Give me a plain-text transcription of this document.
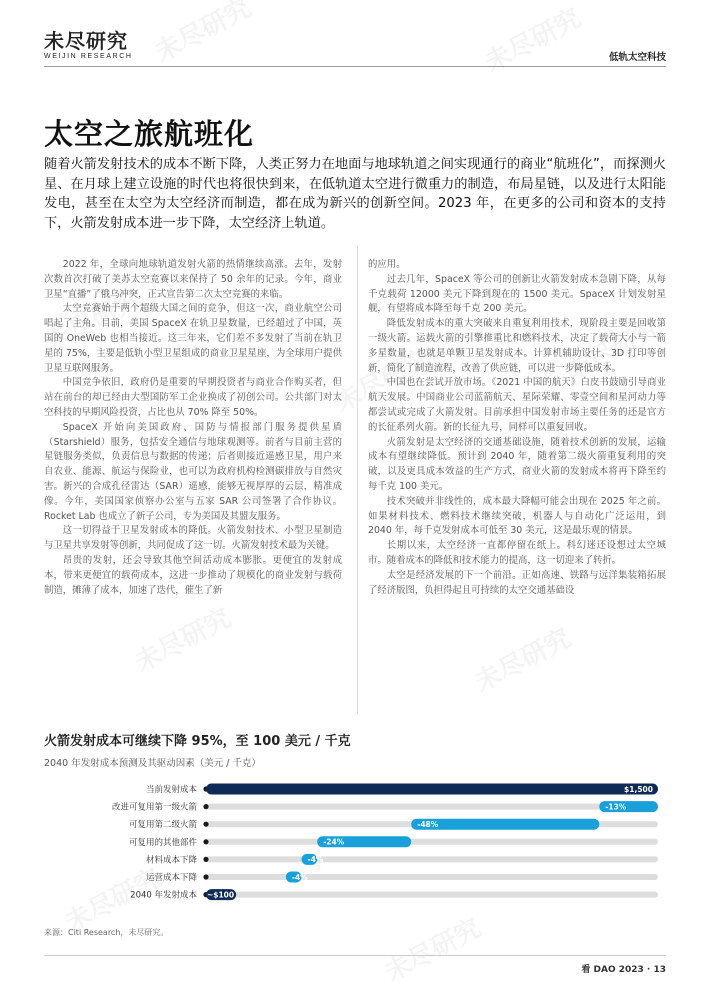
未尽研究
WEIJIN RESEARCH	低轨太空科技
太空之旅航班化

随着火箭发射技术的成本不断下降，人类正努力在地面与地球轨道之间实现通行的商业“航班化”，而探测火星、在月球上建立设施的时代也将很快到来，在低轨道太空进行微重力的制造，布局星链，以及进行太阳能发电，甚至在太空为太空经济而制造，都在成为新兴的创新空间。2023 年，在更多的公司和资本的支持下，火箭发射成本进一步下降，太空经济上轨道。

2022 年，全球向地球轨道发射火箭的热情继续高涨。去年，发射次数首次打破了美苏太空竞赛以来保持了 50 余年的记录。今年，商业卫星“直播”了俄乌冲突，正式宣告第二次太空竞赛的来临。

太空竞赛始于两个超级大国之间的竞争，但这一次，商业航空公司唱起了主角。目前，美国 SpaceX 在轨卫星数量，已经超过了中国，英国的 OneWeb 也相当接近。这三年来，它们差不多发射了当前在轨卫星的 75%，主要是低轨小型卫星组成的商业卫星星座，为全球用户提供卫星互联网服务。

中国竞争依旧，政府仍是重要的早期投资者与商业合作购买者，但站在前台的却已经由大型国防军工企业换成了初创公司。公共部门对太空科技的早期风险投资，占比也从 70% 降至 50%。

SpaceX 开始向美国政府、国防与情报部门服务提供星盾（Starshield）服务，包括安全通信与地球观测等。前者与目前主营的星链服务类似，负责信息与数据的传递；后者则接近遥感卫星，用户来自农业、能源、航运与保险业，也可以为政府机构检测碳排放与自然灾害。新兴的合成孔径雷达（SAR）遥感，能够无视厚厚的云层，精准成像。今年，美国国家侦察办公室与五家 SAR 公司签署了合作协议。Rocket Lab 也成立了新子公司，专为美国及其盟友服务。

这一切得益于卫星发射成本的降低。火箭发射技术、小型卫星制造与卫星共享发射等创新，共同促成了这一切。火箭发射技术最为关键。

昂贵的发射，还会导致其他空间活动成本膨胀。更便宜的发射成本，带来更便宜的载荷成本，这进一步推动了规模化的商业发射与载荷制造，摊薄了成本，加速了迭代，催生了新

的应用。

过去几年，SpaceX 等公司的创新让火箭发射成本急剧下降，从每千克载荷 12000 美元下降到现在的 1500 美元。SpaceX 计划发射星舰，有望将成本降至每千克 200 美元。

降低发射成本的重大突破来自重复利用技术，现阶段主要是回收第一级火箭。运载火箭的引擎推重比和燃料技术，决定了载荷大小与一箭多星数量，也就是单颗卫星发射成本。计算机辅助设计、3D 打印等创新，简化了制造流程，改善了供应链，可以进一步降低成本。

中国也在尝试开放市场。《2021 中国的航天》白皮书鼓励引导商业航天发展。中国商业公司蓝箭航天、星际荣耀、零壹空间和星河动力等都尝试或完成了火箭发射。目前承担中国发射市场主要任务的还是官方的长征系列火箭。新的长征九号，同样可以重复回收。

火箭发射是太空经济的交通基础设施，随着技术创新的发展，运输成本有望继续降低。预计到 2040 年，随着第二级火箭重复利用的突破，以及更具成本效益的生产方式，商业火箭的发射成本将再下降至约每千克 100 美元。

技术突破并非线性的，成本最大降幅可能会出现在 2025 年之前。如果材料技术、燃料技术继续突破，机器人与自动化广泛运用，到 2040 年，每千克发射成本可低至 30 美元，这是最乐观的情景。

长期以来，太空经济一直都停留在纸上。科幻迷还设想过太空城市。随着成本的降低和技术能力的提高，这一切迎来了转折。

太空是经济发展的下一个前沿。正如高速、铁路与远洋集装箱拓展了经济版图，负担得起且可持续的太空交通基础设

火箭发射成本可继续下降 95%，至 100 美元 / 千克
2040 年发射成本预测及其驱动因素（美元 / 千克）
当前发射成本	$1,500
改进可复用第一级火箭	-13%
可复用第二级火箭	-48%
可复用的其他部件	-24%
材料成本下降	-4%
运营成本下降	-4%
2040 年发射成本 ~$100
来源：Citi Research，未尽研究。
看 DAO 2023 · 13
